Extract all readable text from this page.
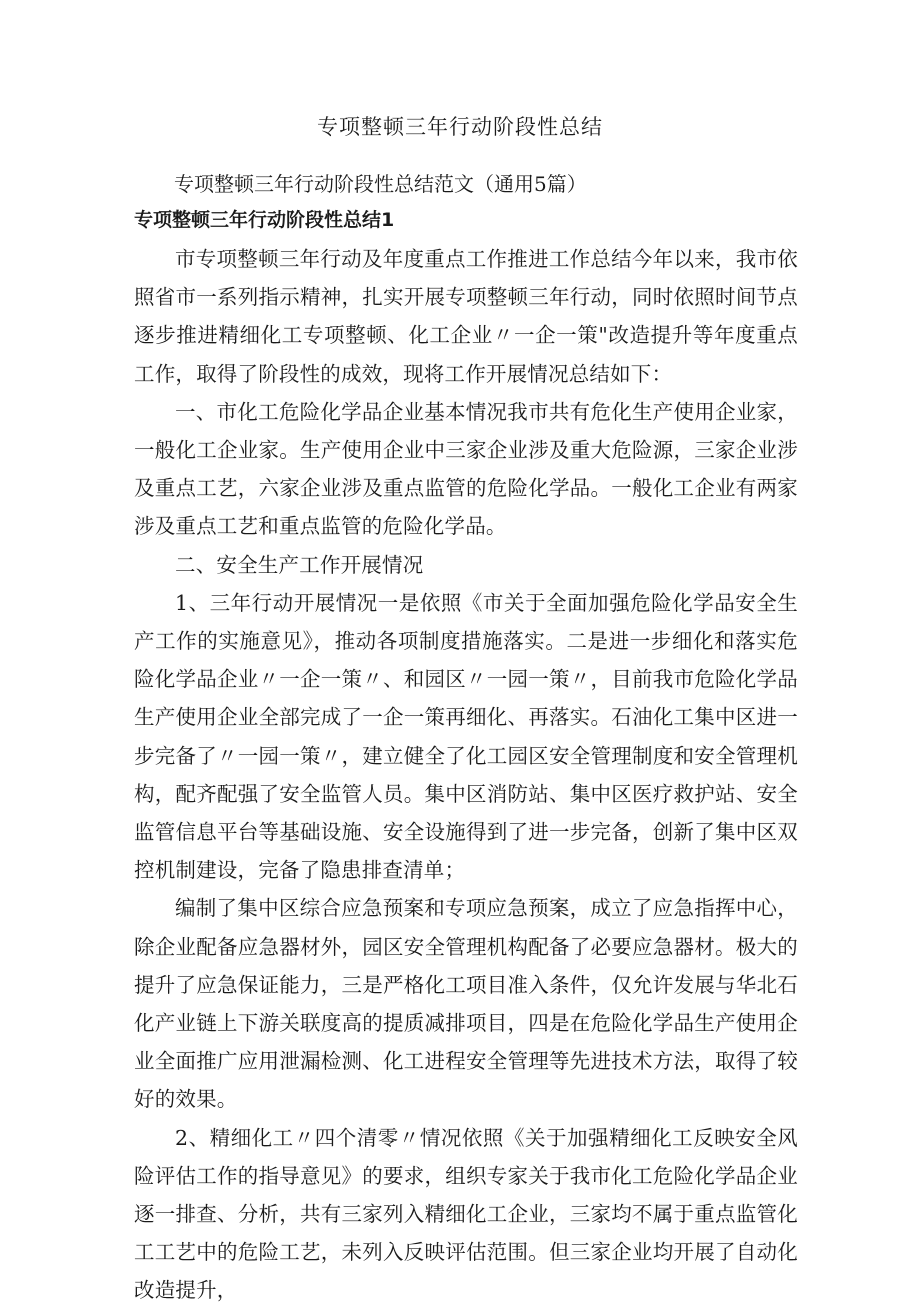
专项整顿三年行动阶段性总结
专项整顿三年行动阶段性总结范文（通用5篇）
专项整顿三年行动阶段性总结1

市专项整顿三年行动及年度重点工作推进工作总结今年以来，我市依照省市一系列指示精神，扎实开展专项整顿三年行动，同时依照时间节点逐步推进精细化工专项整顿、化工企业〃一企一策"改造提升等年度重点工作，取得了阶段性的成效，现将工作开展情况总结如下：

一、市化工危险化学品企业基本情况我市共有危化生产使用企业家，一般化工企业家。生产使用企业中三家企业涉及重大危险源，三家企业涉及重点工艺，六家企业涉及重点监管的危险化学品。一般化工企业有两家涉及重点工艺和重点监管的危险化学品。

二、安全生产工作开展情况

1、三年行动开展情况一是依照《市关于全面加强危险化学品安全生产工作的实施意见》，推动各项制度措施落实。二是进一步细化和落实危险化学品企业〃一企一策〃、和园区〃一园一策〃，目前我市危险化学品生产使用企业全部完成了一企一策再细化、再落实。石油化工集中区进一步完备了〃一园一策〃，建立健全了化工园区安全管理制度和安全管理机构，配齐配强了安全监管人员。集中区消防站、集中区医疗救护站、安全监管信息平台等基础设施、安全设施得到了进一步完备，创新了集中区双控机制建设，完备了隐患排查清单；

编制了集中区综合应急预案和专项应急预案，成立了应急指挥中心，除企业配备应急器材外，园区安全管理机构配备了必要应急器材。极大的提升了应急保证能力，三是严格化工项目准入条件，仅允许发展与华北石化产业链上下游关联度高的提质减排项目，四是在危险化学品生产使用企业全面推广应用泄漏检测、化工进程安全管理等先进技术方法，取得了较好的效果。

2、精细化工〃四个清零〃情况依照《关于加强精细化工反映安全风险评估工作的指导意见》的要求，组织专家关于我市化工危险化学品企业逐一排查、分析，共有三家列入精细化工企业，三家均不属于重点监管化工工艺中的危险工艺，未列入反映评估范围。但三家企业均开展了自动化改造提升，
